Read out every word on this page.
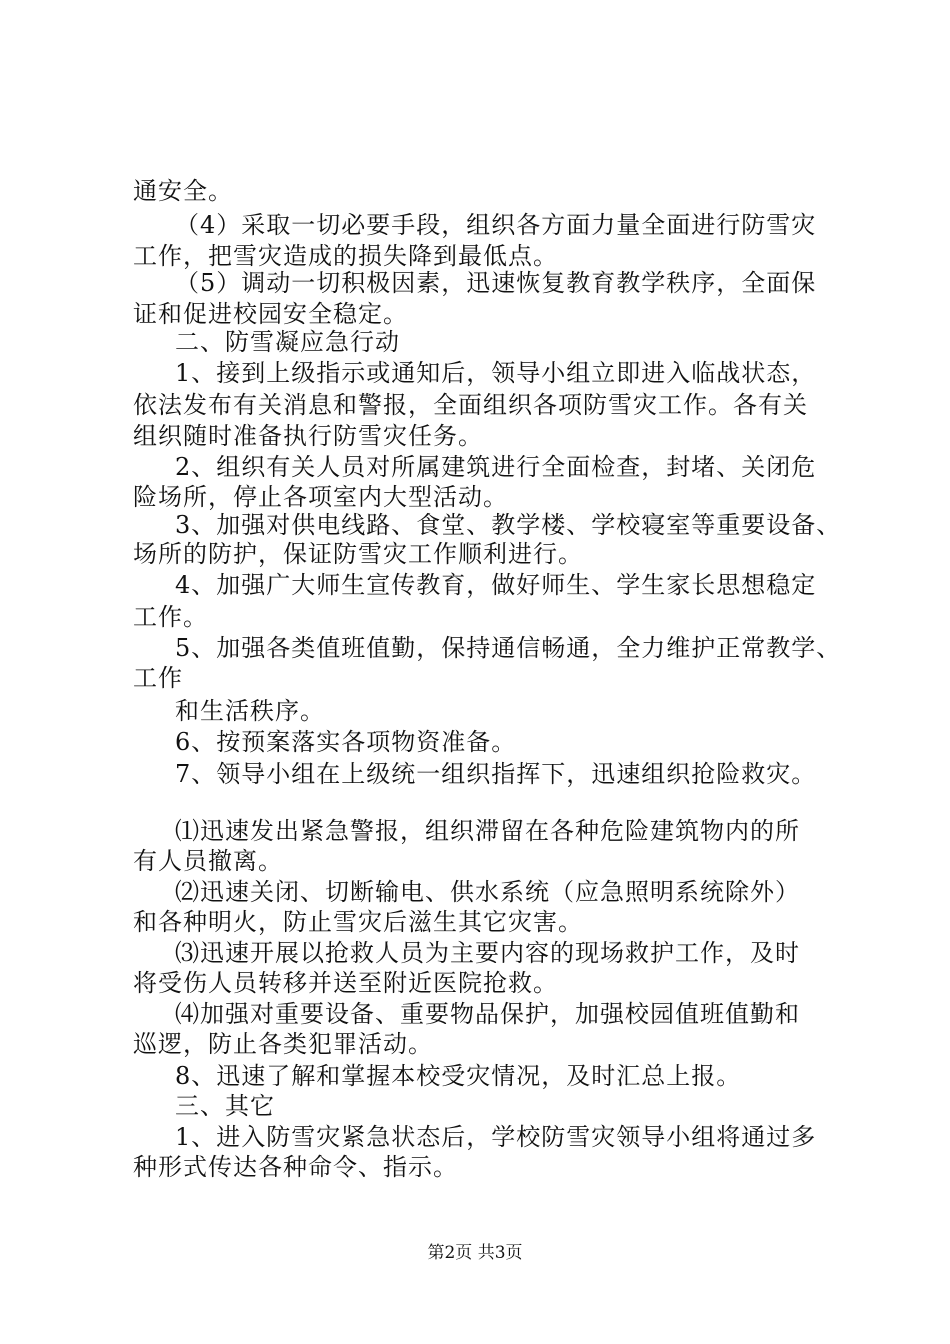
通安全。
（4）采取一切必要手段，组织各方面力量全面进行防雪灾
工作，把雪灾造成的损失降到最低点。
（5）调动一切积极因素，迅速恢复教育教学秩序，全面保
证和促进校园安全稳定。
二、防雪凝应急行动
1、接到上级指示或通知后，领导小组立即进入临战状态，
依法发布有关消息和警报，全面组织各项防雪灾工作。各有关
组织随时准备执行防雪灾任务。
2、组织有关人员对所属建筑进行全面检查，封堵、关闭危
险场所，停止各项室内大型活动。
3、加强对供电线路、食堂、教学楼、学校寝室等重要设备、
场所的防护，保证防雪灾工作顺利进行。
4、加强广大师生宣传教育，做好师生、学生家长思想稳定
工作。
5、加强各类值班值勤，保持通信畅通，全力维护正常教学、
工作
和生活秩序。
6、按预案落实各项物资准备。
7、领导小组在上级统一组织指挥下，迅速组织抢险救灾。
⑴迅速发出紧急警报，组织滞留在各种危险建筑物内的所
有人员撤离。
⑵迅速关闭、切断输电、供水系统（应急照明系统除外）
和各种明火，防止雪灾后滋生其它灾害。
⑶迅速开展以抢救人员为主要内容的现场救护工作，及时
将受伤人员转移并送至附近医院抢救。
⑷加强对重要设备、重要物品保护，加强校园值班值勤和
巡逻，防止各类犯罪活动。
8、迅速了解和掌握本校受灾情况，及时汇总上报。
三、其它
1、进入防雪灾紧急状态后，学校防雪灾领导小组将通过多
种形式传达各种命令、指示。
第2页 共3页
